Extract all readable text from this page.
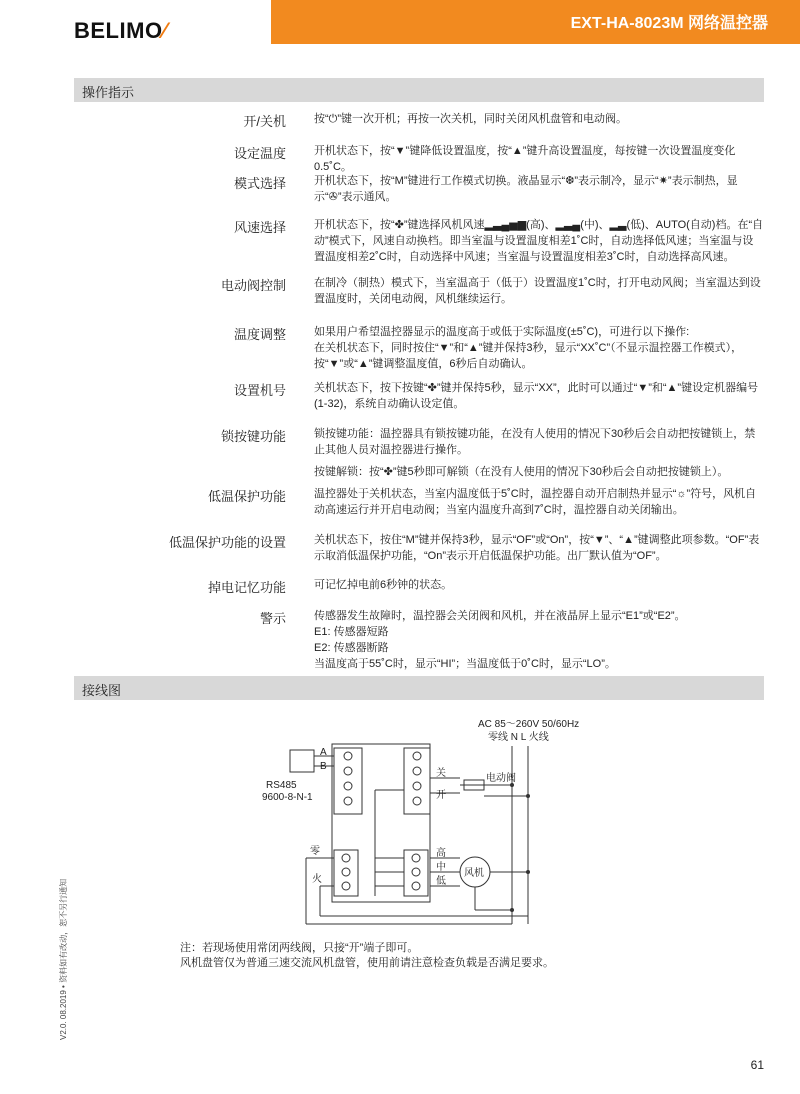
BELIMO⁄	EXT-HA-8023M 网络温控器
操作指示
开/关机	按“⏻”键一次开机；再按一次关机，同时关闭风机盘管和电动阀。

设定温度	开机状态下，按“▼”键降低设置温度，按“▲”键升高设置温度，每按键一次设置温度变化0.5˚C。

模式选择	开机状态下，按“M”键进行工作模式切换。液晶显示“❆”表示制冷，显示“✷”表示制热，显示“✇”表示通风。

风速选择	开机状态下，按“✤”键选择风机风速▂▃▄▅▆(高)、▂▃▄(中)、▂▃(低)、AUTO(自动)档。在“自动”模式下，风速自动换档。即当室温与设置温度相差1˚C时，自动选择低风速；当室温与设置温度相差2˚C时，自动选择中风速；当室温与设置温度相差3˚C时，自动选择高风速。

电动阀控制	在制冷（制热）模式下，当室温高于（低于）设置温度1˚C时，打开电动风阀；当室温达到设置温度时，关闭电动阀，风机继续运行。

温度调整	如果用户希望温控器显示的温度高于或低于实际温度(±5˚C)，可进行以下操作:

在关机状态下，同时按住“▼”和“▲”键并保持3秒，显示“XX˚C”（不显示温控器工作模式），按“▼”或“▲”键调整温度值，6秒后自动确认。

设置机号	关机状态下，按下按键“✤”键并保持5秒，显示“XX”，此时可以通过“▼”和“▲”键设定机器编号(1-32)，系统自动确认设定值。

锁按键功能	锁按键功能：温控器具有锁按键功能，在没有人使用的情况下30秒后会自动把按键锁上，禁止其他人员对温控器进行操作。

按键解锁：按“✤”键5秒即可解锁（在没有人使用的情况下30秒后会自动把按键锁上）。

低温保护功能	温控器处于关机状态，当室内温度低于5˚C时，温控器自动开启制热并显示“☼”符号，风机自动高速运行并开启电动阀；当室内温度升高到7˚C时，温控器自动关闭输出。

低温保护功能的设置	关机状态下，按住“M”键并保持3秒，显示“OF”或“On”，按“▼”、“▲”键调整此项参数。“OF”表示取消低温保护功能，“On”表示开启低温保护功能。出厂默认值为“OF”。

掉电记忆功能	可记忆掉电前6秒钟的状态。

警示	传感器发生故障时，温控器会关闭阀和风机，并在液晶屏上显示“E1”或“E2”。

E1: 传感器短路

E2: 传感器断路

当温度高于55˚C时，显示“HI”；当温度低于0˚C时，显示“LO”。

接线图
AC 85～260V 50/60Hz
零线 N L 火线
RS485
9600-8-N-1
A
B
关
开
电动阀
零
火
高
中
低
风机

注：若现场使用常闭两线阀，只接“开”端子即可。

风机盘管仅为普通三速交流风机盘管，使用前请注意检查负载是否满足要求。

V2.0. 08.2019 • 资料如有改动，恕不另行通知
61
